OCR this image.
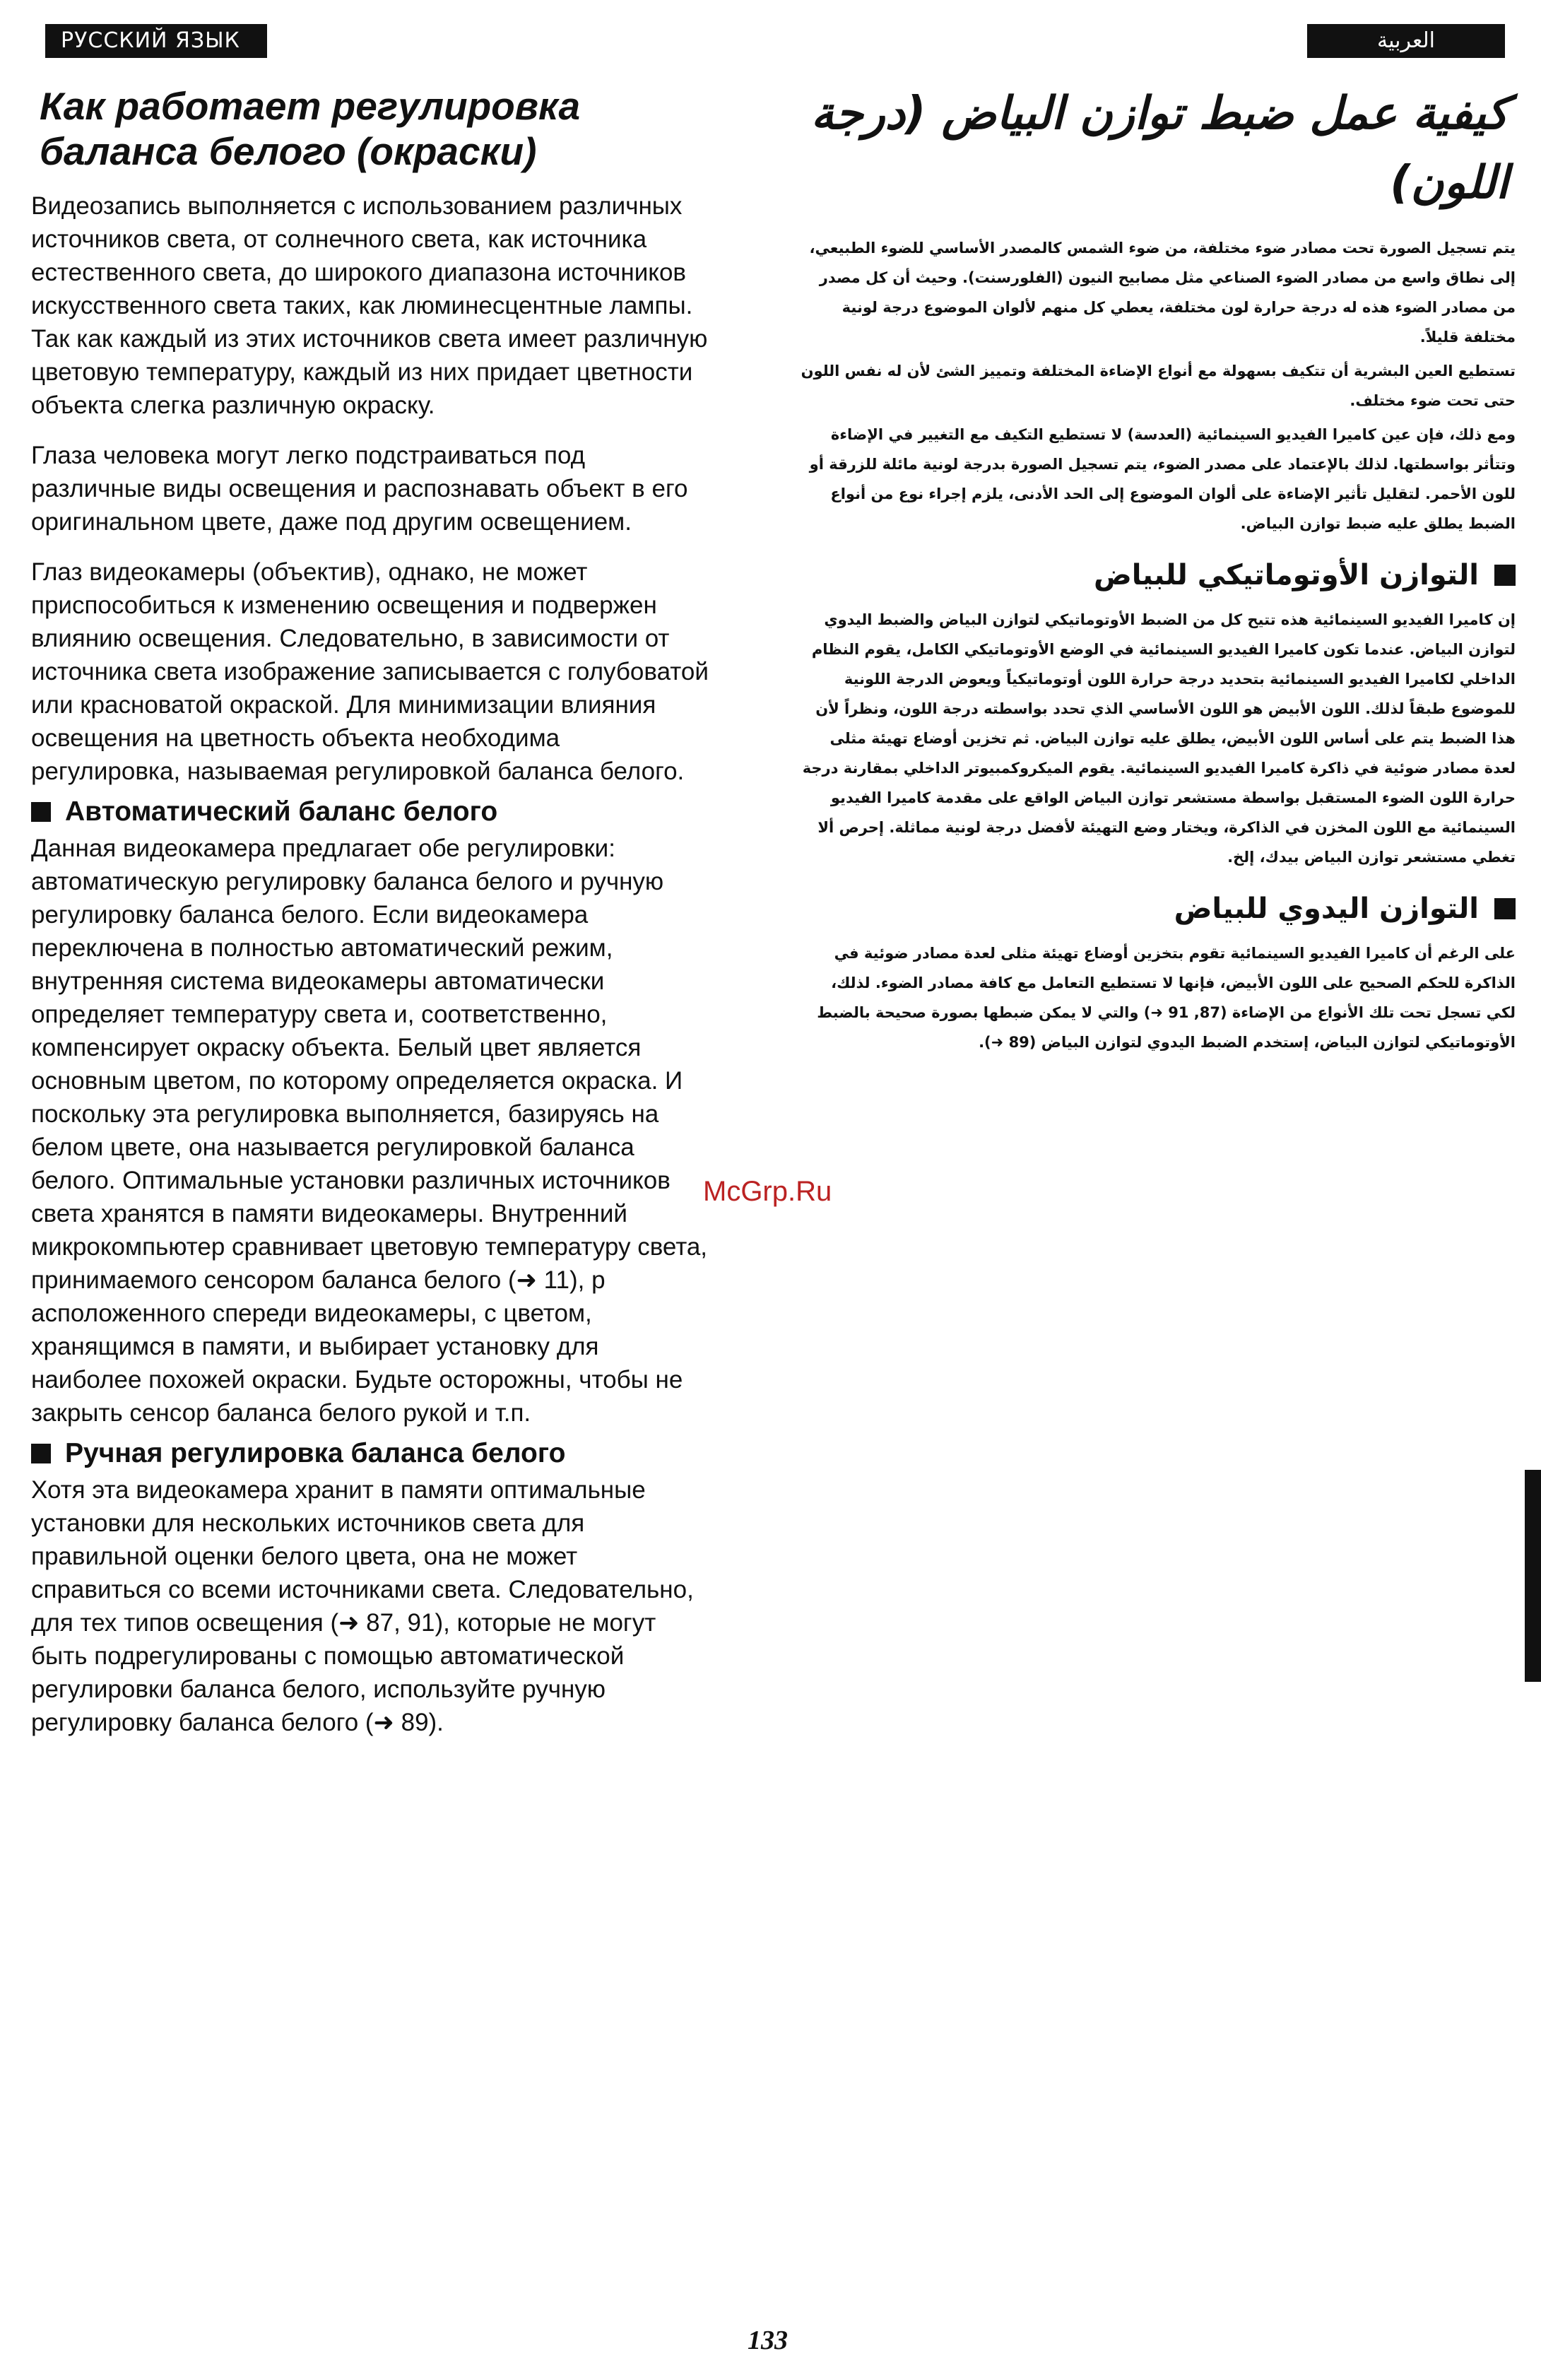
РУССКИЙ ЯЗЫК	العربية
Как работает регулировка баланса белого (окраски)

Видеозапись выполняется с использованием различных источников света, от солнечного света, как источника естественного света, до широкого диапазона источников искусственного света таких, как люминесцентные лампы. Так как каждый из этих источников света имеет различную цветовую температуру, каждый из них придает цветности объекта слегка различную окраску.

Глаза человека могут легко подстраиваться под различные виды освещения и распознавать объект в его оригинальном цвете, даже под другим освещением.

Глаз видеокамеры (объектив), однако, не может приспособиться к изменению освещения и подвержен влиянию освещения. Следовательно, в зависимости от источника света изображение записывается с голубоватой или красноватой окраской. Для минимизации влияния освещения на цветность объекта необходима регулировка, называемая регулировкой баланса белого.

Автоматический баланс белого

Данная видеокамера предлагает обе регулировки: автоматическую регулировку баланса белого и ручную регулировку баланса белого. Если видеокамера переключена в полностью автоматический режим, внутренняя система видеокамеры автоматически определяет температуру света и, соответственно, компенсирует окраску объекта. Белый цвет является основным цветом, по которому определяется окраска. И поскольку эта регулировка выполняется, базируясь на белом цвете, она называется регулировкой баланса белого. Оптимальные установки различных источников света хранятся в памяти видеокамеры. Внутренний микрокомпьютер сравнивает цветовую температуру света, принимаемого сенсором баланса белого (➜ 11), р асположенного спереди видеокамеры, с цветом, хранящимся в памяти, и выбирает установку для наиболее похожей окраски. Будьте осторожны, чтобы не закрыть сенсор баланса белого рукой и т.п.

Ручная регулировка баланса белого

Хотя эта видеокамера хранит в памяти оптимальные установки для нескольких источников света для правильной оценки белого цвета, она не может справиться со всеми источниками света. Следовательно, для тех типов освещения (➜ 87, 91), которые не могут быть подрегулированы с помощью автоматической регулировки баланса белого, используйте ручную регулировку баланса белого (➜ 89).

كيفية عمل ضبط توازن البياض (درجة اللون)

يتم تسجيل الصورة تحت مصادر ضوء مختلفة، من ضوء الشمس كالمصدر الأساسي للضوء الطبيعي، إلى نطاق واسع من مصادر الضوء الصناعي مثل مصابيح النيون (الفلورسنت). وحيث أن كل مصدر من مصادر الضوء هذه له درجة حرارة لون مختلفة، يعطي كل منهم لألوان الموضوع درجة لونية مختلفة قليلاً.

تستطيع العين البشرية أن تتكيف بسهولة مع أنواع الإضاءة المختلفة وتمييز الشئ لأن له نفس اللون حتى تحت ضوء مختلف.

ومع ذلك، فإن عين كاميرا الفيديو السينمائية (العدسة) لا تستطيع التكيف مع التغيير في الإضاءة وتتأثر بواسطتها. لذلك بالإعتماد على مصدر الضوء، يتم تسجيل الصورة بدرجة لونية مائلة للزرقة أو للون الأحمر. لتقليل تأثير الإضاءة على ألوان الموضوع إلى الحد الأدنى، يلزم إجراء نوع من أنواع الضبط يطلق عليه ضبط توازن البياض.

التوازن الأوتوماتيكي للبياض

إن كاميرا الفيديو السينمائية هذه تتيح كل من الضبط الأوتوماتيكي لتوازن البياض والضبط اليدوي لتوازن البياض. عندما تكون كاميرا الفيديو السينمائية في الوضع الأوتوماتيكي الكامل، يقوم النظام الداخلي لكاميرا الفيديو السينمائية بتحديد درجة حرارة اللون أوتوماتيكياً ويعوض الدرجة اللونية للموضوع طبقاً لذلك. اللون الأبيض هو اللون الأساسي الذي تحدد بواسطته درجة اللون، ونظراً لأن هذا الضبط يتم على أساس اللون الأبيض، يطلق عليه توازن البياض. ثم تخزين أوضاع تهيئة مثلى لعدة مصادر ضوئية في ذاكرة كاميرا الفيديو السينمائية. يقوم الميكروكمبيوتر الداخلي بمقارنة درجة حرارة اللون الضوء المستقبل بواسطة مستشعر توازن البياض الواقع على مقدمة كاميرا الفيديو السينمائية مع اللون المخزن في الذاكرة، ويختار وضع التهيئة لأفضل درجة لونية مماثلة. إحرص ألا تغطي مستشعر توازن البياض بيدك، إلخ.

التوازن اليدوي للبياض

على الرغم أن كاميرا الفيديو السينمائية تقوم بتخزين أوضاع تهيئة مثلى لعدة مصادر ضوئية في الذاكرة للحكم الصحيح على اللون الأبيض، فإنها لا تستطيع التعامل مع كافة مصادر الضوء. لذلك، لكي تسجل تحت تلك الأنواع من الإضاءة (87, 91 ➜) والتي لا يمكن ضبطها بصورة صحيحة بالضبط الأوتوماتيكي لتوازن البياض، إستخدم الضبط اليدوي لتوازن البياض (89 ➜).

McGrp.Ru
133
